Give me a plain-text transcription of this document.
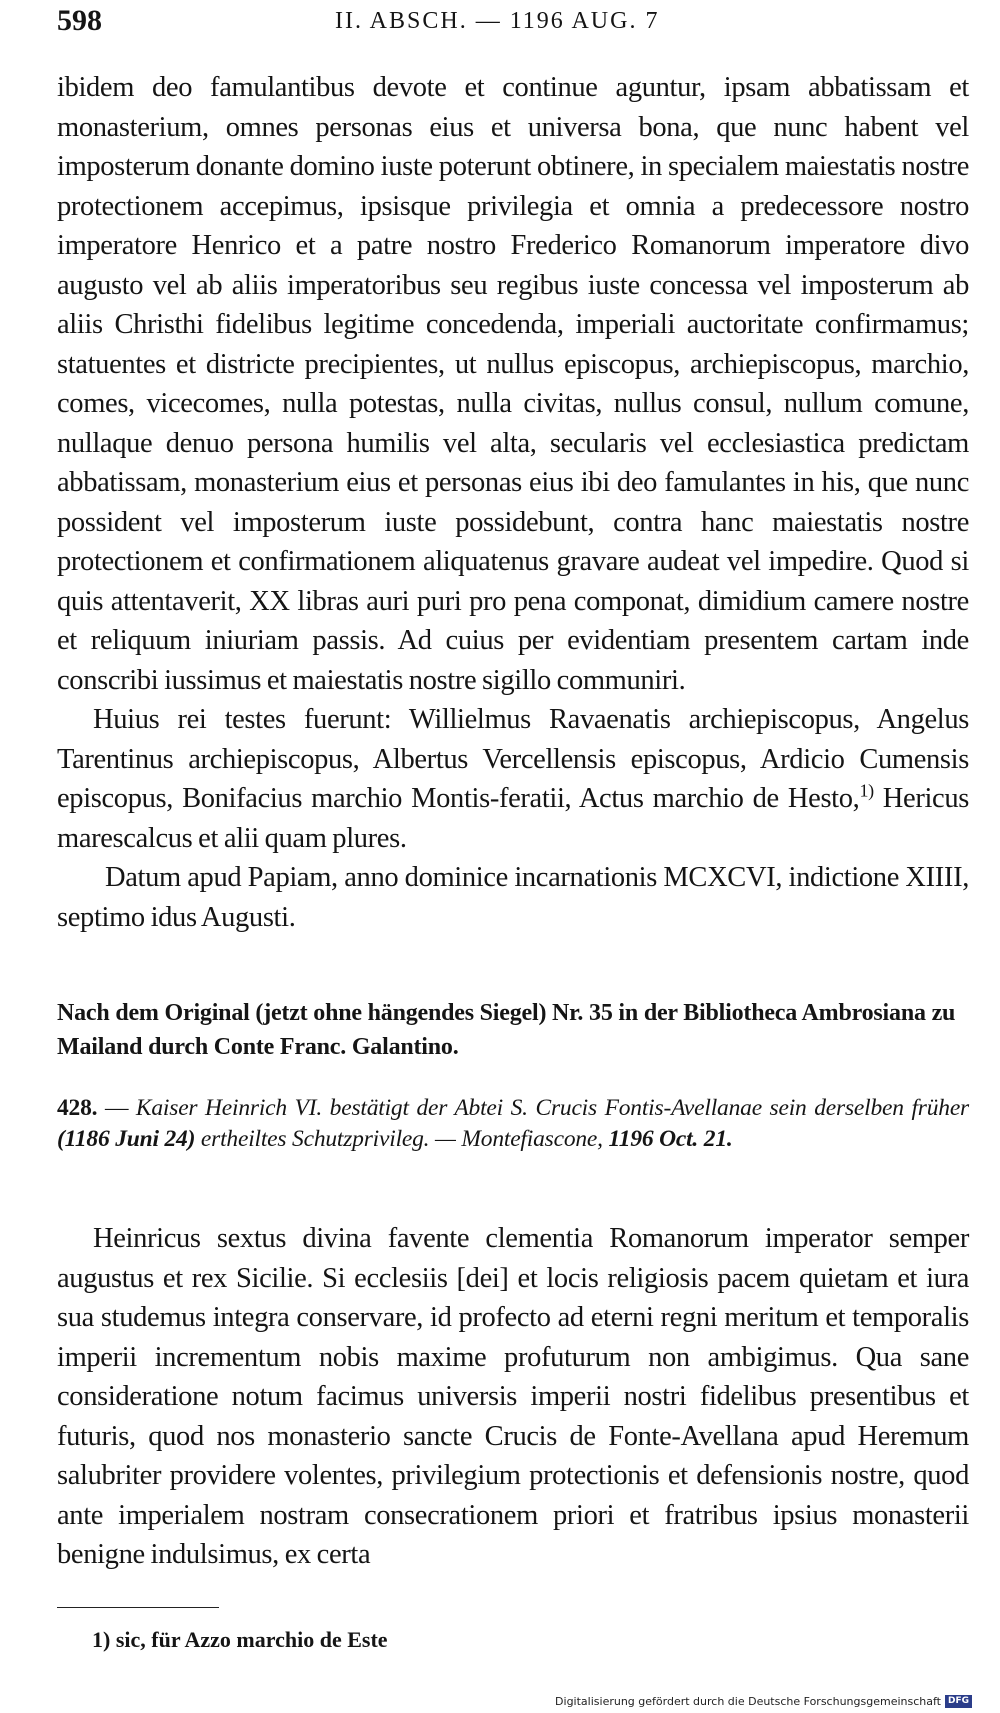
598	II. ABSCH. — 1196 AUG. 7

ibidem deo famulantibus devote et continue aguntur, ipsam abbatissam et monasterium, omnes personas eius et universa bona, que nunc habent vel imposterum donante domino iuste poterunt obtinere, in specialem maiestatis nostre protectionem accepimus, ipsisque privilegia et omnia a predecessore nostro imperatore Henrico et a patre nostro Frederico Romanorum imperatore divo augusto vel ab aliis imperatoribus seu regibus iuste concessa vel imposterum ab aliis Christhi fidelibus legitime concedenda, imperiali auctoritate confirmamus; statuentes et districte precipientes, ut nullus episcopus, archiepiscopus, marchio, comes, vicecomes, nulla potestas, nulla civitas, nullus consul, nullum comune, nullaque denuo persona humilis vel alta, secularis vel ecclesiastica predictam abbatissam, monasterium eius et personas eius ibi deo famulantes in his, que nunc possident vel imposterum iuste possidebunt, contra hanc maiestatis nostre protectionem et confirmationem aliquatenus gravare audeat vel impedire. Quod si quis attentaverit, XX libras auri puri pro pena componat, dimidium camere nostre et reliquum iniuriam passis. Ad cuius per evidentiam presentem cartam inde conscribi iussimus et maiestatis nostre sigillo communiri.

Huius rei testes fuerunt: Willielmus Ravaenatis archiepiscopus, Angelus Tarentinus archiepiscopus, Albertus Vercellensis episcopus, Ardicio Cumensis episcopus, Bonifacius marchio Montis-feratii, Actus marchio de Hesto,$^{1)}$ Hericus marescalcus et alii quam plures.

Datum apud Papiam, anno dominice incarnationis MCXCVI, indictione XIIII, septimo idus Augusti.

Nach dem Original (jetzt ohne hängendes Siegel) Nr. 35 in der Bibliotheca Ambrosiana zu Mailand durch Conte Franc. Galantino.
428. — Kaiser Heinrich VI. bestätigt der Abtei S. Crucis Fontis-Avellanae sein derselben früher (1186 Juni 24) ertheiltes Schutzprivileg. — Montefiascone, 1196 Oct. 21.

Heinricus sextus divina favente clementia Romanorum imperator semper augustus et rex Sicilie. Si ecclesiis [dei] et locis religiosis pacem quietam et iura sua studemus integra conservare, id profecto ad eterni regni meritum et temporalis imperii incrementum nobis maxime profuturum non ambigimus. Qua sane consideratione notum facimus universis imperii nostri fidelibus presentibus et futuris, quod nos monasterio sancte Crucis de Fonte-Avellana apud Heremum salubriter providere volentes, privilegium protectionis et defensionis nostre, quod ante imperialem nostram consecrationem priori et fratribus ipsius monasterii benigne indulsimus, ex certa

1) sic, für Azzo marchio de Este
Digitalisierung gefördert durch die Deutsche Forschungsgemeinschaft DFG
